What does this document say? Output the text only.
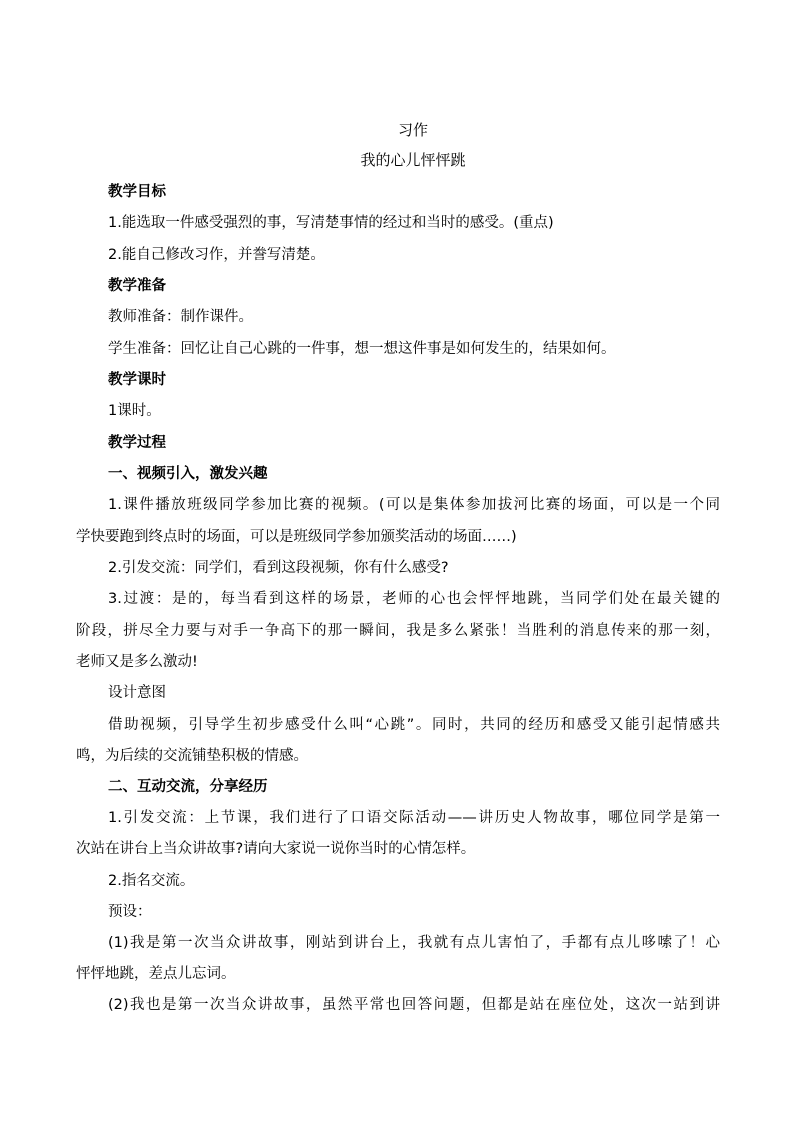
习作
我的心儿怦怦跳
教学目标
1.能选取一件感受强烈的事，写清楚事情的经过和当时的感受。(重点)
2.能自己修改习作，并誊写清楚。
教学准备
教师准备：制作课件。
学生准备：回忆让自己心跳的一件事，想一想这件事是如何发生的，结果如何。
教学课时
1课时。
教学过程
一、视频引入，激发兴趣
1.课件播放班级同学参加比赛的视频。(可以是集体参加拔河比赛的场面，可以是一个同
学快要跑到终点时的场面，可以是班级同学参加颁奖活动的场面……)
2.引发交流：同学们，看到这段视频，你有什么感受?
3.过渡：是的，每当看到这样的场景，老师的心也会怦怦地跳，当同学们处在最关键的
阶段，拼尽全力要与对手一争高下的那一瞬间，我是多么紧张！当胜利的消息传来的那一刻，
老师又是多么激动!
设计意图
借助视频，引导学生初步感受什么叫“心跳”。同时，共同的经历和感受又能引起情感共
鸣，为后续的交流铺垫积极的情感。
二、互动交流，分享经历
1.引发交流：上节课，我们进行了口语交际活动——讲历史人物故事，哪位同学是第一
次站在讲台上当众讲故事?请向大家说一说你当时的心情怎样。
2.指名交流。
预设：
(1)我是第一次当众讲故事，刚站到讲台上，我就有点儿害怕了，手都有点儿哆嗦了！心
怦怦地跳，差点儿忘词。
(2)我也是第一次当众讲故事，虽然平常也回答问题，但都是站在座位处，这次一站到讲
